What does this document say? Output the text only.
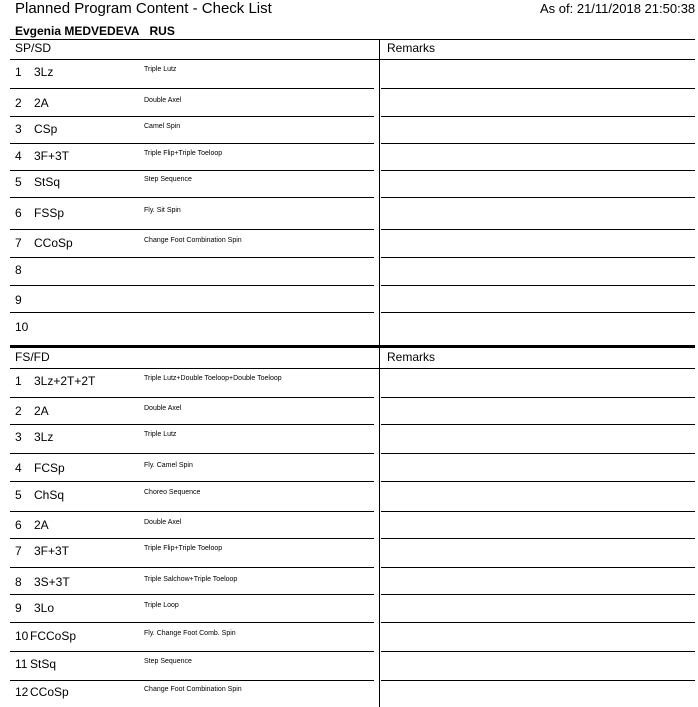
Planned Program Content - Check List	As of: 21/11/2018 21:50:38
Evgenia MEDVEDEVA RUS
SP/SD	Remarks
1 3Lz	Triple Lutz
2 2A	Double Axel
3 CSp	Camel Spin
4 3F+3T	Triple Flip+Triple Toeloop
5 StSq	Step Sequence
6 FSSp	Fly. Sit Spin
7 CCoSp	Change Foot Combination Spin
8
9
10
FS/FD	Remarks
1 3Lz+2T+2T	Triple Lutz+Double Toeloop+Double Toeloop
2 2A	Double Axel
3 3Lz	Triple Lutz
4 FCSp	Fly. Camel Spin
5 ChSq	Choreo Sequence
6 2A	Double Axel
7 3F+3T	Triple Flip+Triple Toeloop
8 3S+3T	Triple Salchow+Triple Toeloop
9 3Lo	Triple Loop
10 FCCoSp	Fly. Change Foot Comb. Spin
11 StSq	Step Sequence
12 CCoSp	Change Foot Combination Spin
